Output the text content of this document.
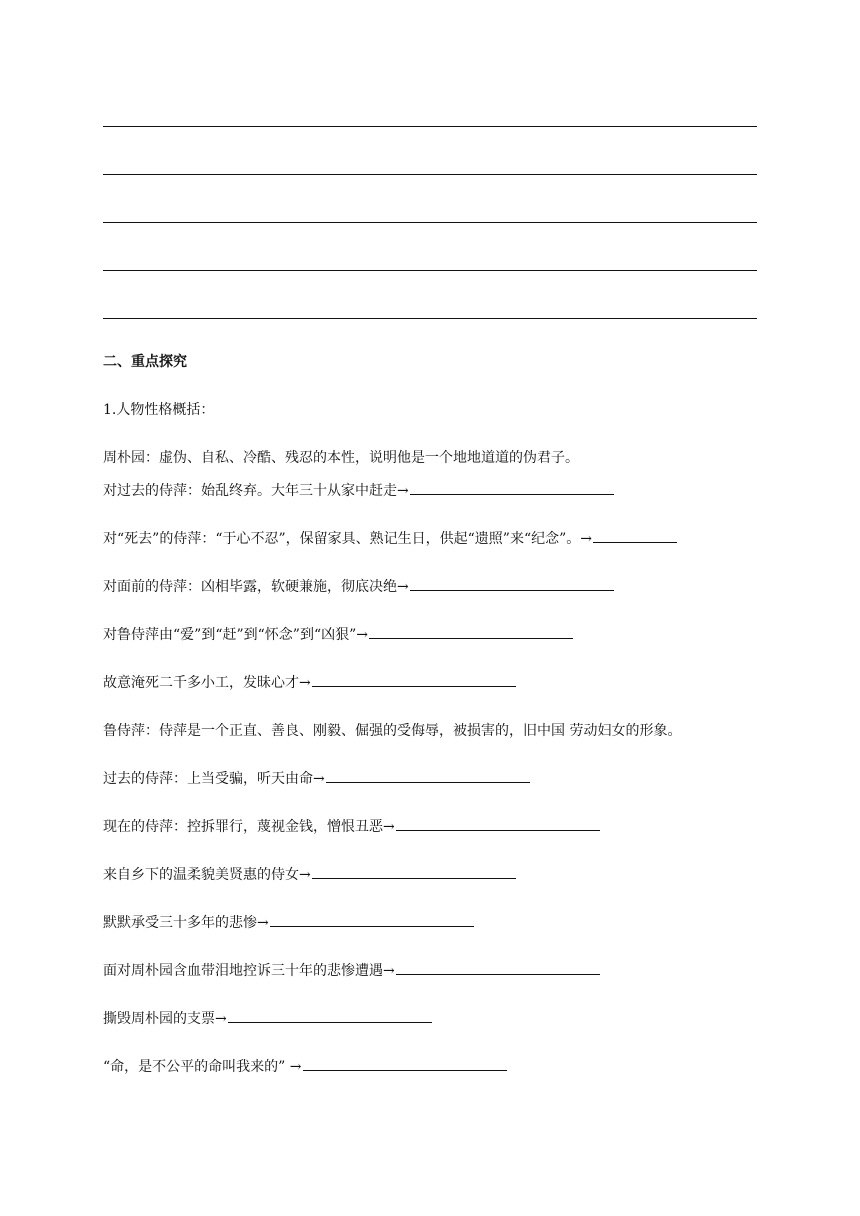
二、重点探究
1.人物性格概括：
周朴园：虚伪、自私、冷酷、残忍的本性，说明他是一个地地道道的伪君子。
对过去的侍萍：始乱终弃。大年三十从家中赶走→
对“死去”的侍萍：“于心不忍”，保留家具、熟记生日，供起“遗照”来“纪念”。→
对面前的侍萍：凶相毕露，软硬兼施，彻底决绝→
对鲁侍萍由“爱”到“赶”到“怀念”到“凶狠”→
故意淹死二千多小工，发昧心才→
鲁侍萍：侍萍是一个正直、善良、刚毅、倔强的受侮辱，被损害的，旧中国 劳动妇女的形象。
过去的侍萍：上当受骗，听天由命→
现在的侍萍：控拆罪行，蔑视金钱，憎恨丑恶→
来自乡下的温柔貌美贤惠的侍女→
默默承受三十多年的悲惨→
面对周朴园含血带泪地控诉三十年的悲惨遭遇→
撕毁周朴园的支票→
“命，是不公平的命叫我来的” →
